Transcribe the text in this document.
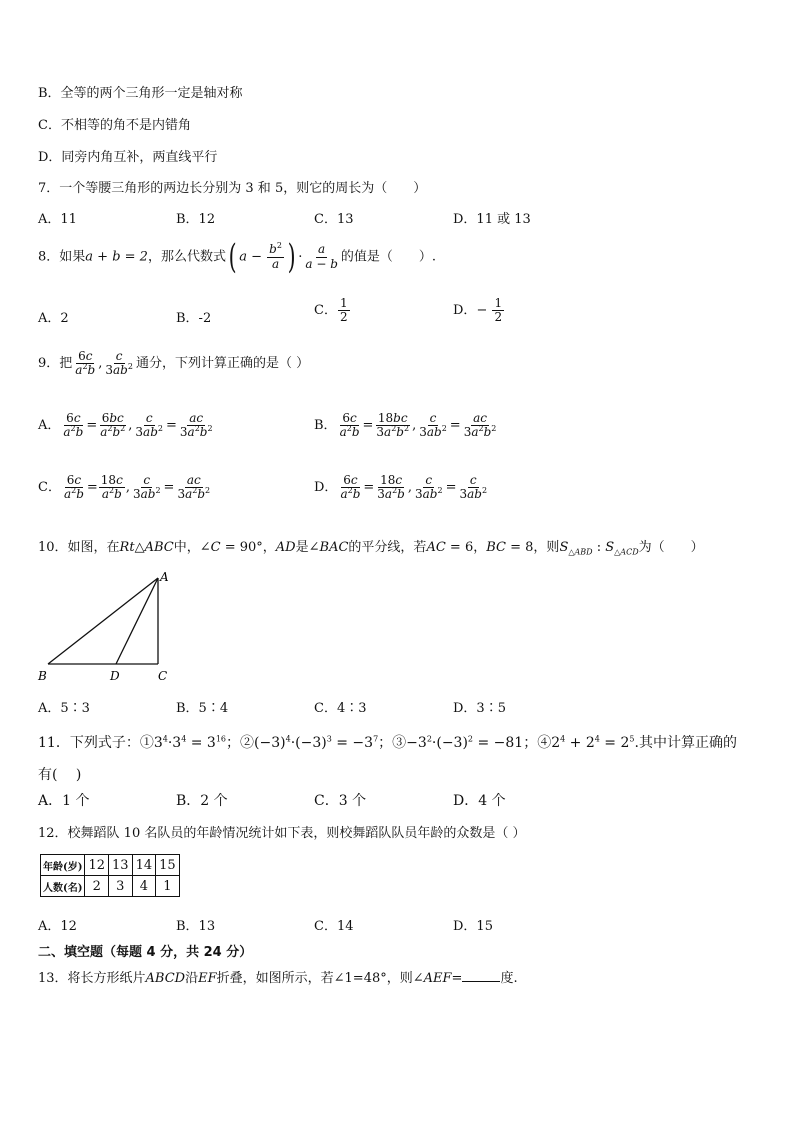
B．全等的两个三角形一定是轴对称
C．不相等的角不是内错角
D．同旁内角互补，两直线平行
7．一个等腰三角形的两边长分别为 3 和 5，则它的周长为（　　）
A．11	B．12	C．13	D．11 或 13
8．如果a + b = 2，那么代数式( $a - \frac{b^2}{a}$ ) · $\frac{a}{a - b}$ 的值是（　　）.
A．2	B．-2
C． $\frac{1}{2}$	D．− $\frac{1}{2}$
9．把 $\frac{6c}{a^2b}$ , $\frac{c}{3ab^2}$ 通分，下列计算正确的是（ ）
A． $\frac{6c}{a^2b} = \frac{6bc}{a^2b^2}$ , $\frac{c}{3ab^2} = \frac{ac}{3a^2b^2}$	B． $\frac{6c}{a^2b} = \frac{18bc}{3a^2b^2}$ , $\frac{c}{3ab^2} = \frac{ac}{3a^2b^2}$
C． $\frac{6c}{a^2b} = \frac{18c}{a^2b}$ , $\frac{c}{3ab^2} = \frac{ac}{3a^2b^2}$	D． $\frac{6c}{a^2b} = \frac{18c}{3a^2b}$ , $\frac{c}{3ab^2} = \frac{c}{3ab^2}$
10．如图，在Rt△ABC中，∠C = 90°，AD是∠BAC的平分线，若AC = 6，BC = 8，则$S_{\triangle ABD}$ : $S_{\triangle ACD}$为（　　）
A
B	D	C
A．5∶3	B．5∶4	C．4∶3	D．3∶5
11．下列式子：$①3^4\cdot 3^4 = 3^{16}$；$②(-3)^4\cdot(-3)^3 = -3^7$；$③-3^2\cdot(-3)^2 = -81$；$④2^4 + 2^4 = 2^5$.其中计算正确的
有(　 )
A．1 个	B．2 个	C．3 个	D．4 个
12．校舞蹈队 10 名队员的年龄情况统计如下表，则校舞蹈队队员年龄的众数是（ ）
年龄(岁)	12	13	14	15
人数(名)	2	3	4	1
A．12	B．13	C．14	D．15
二、填空题（每题 4 分，共 24 分）
13．将长方形纸片ABCD沿EF折叠，如图所示，若∠1=48°，则∠AEF=	度.
